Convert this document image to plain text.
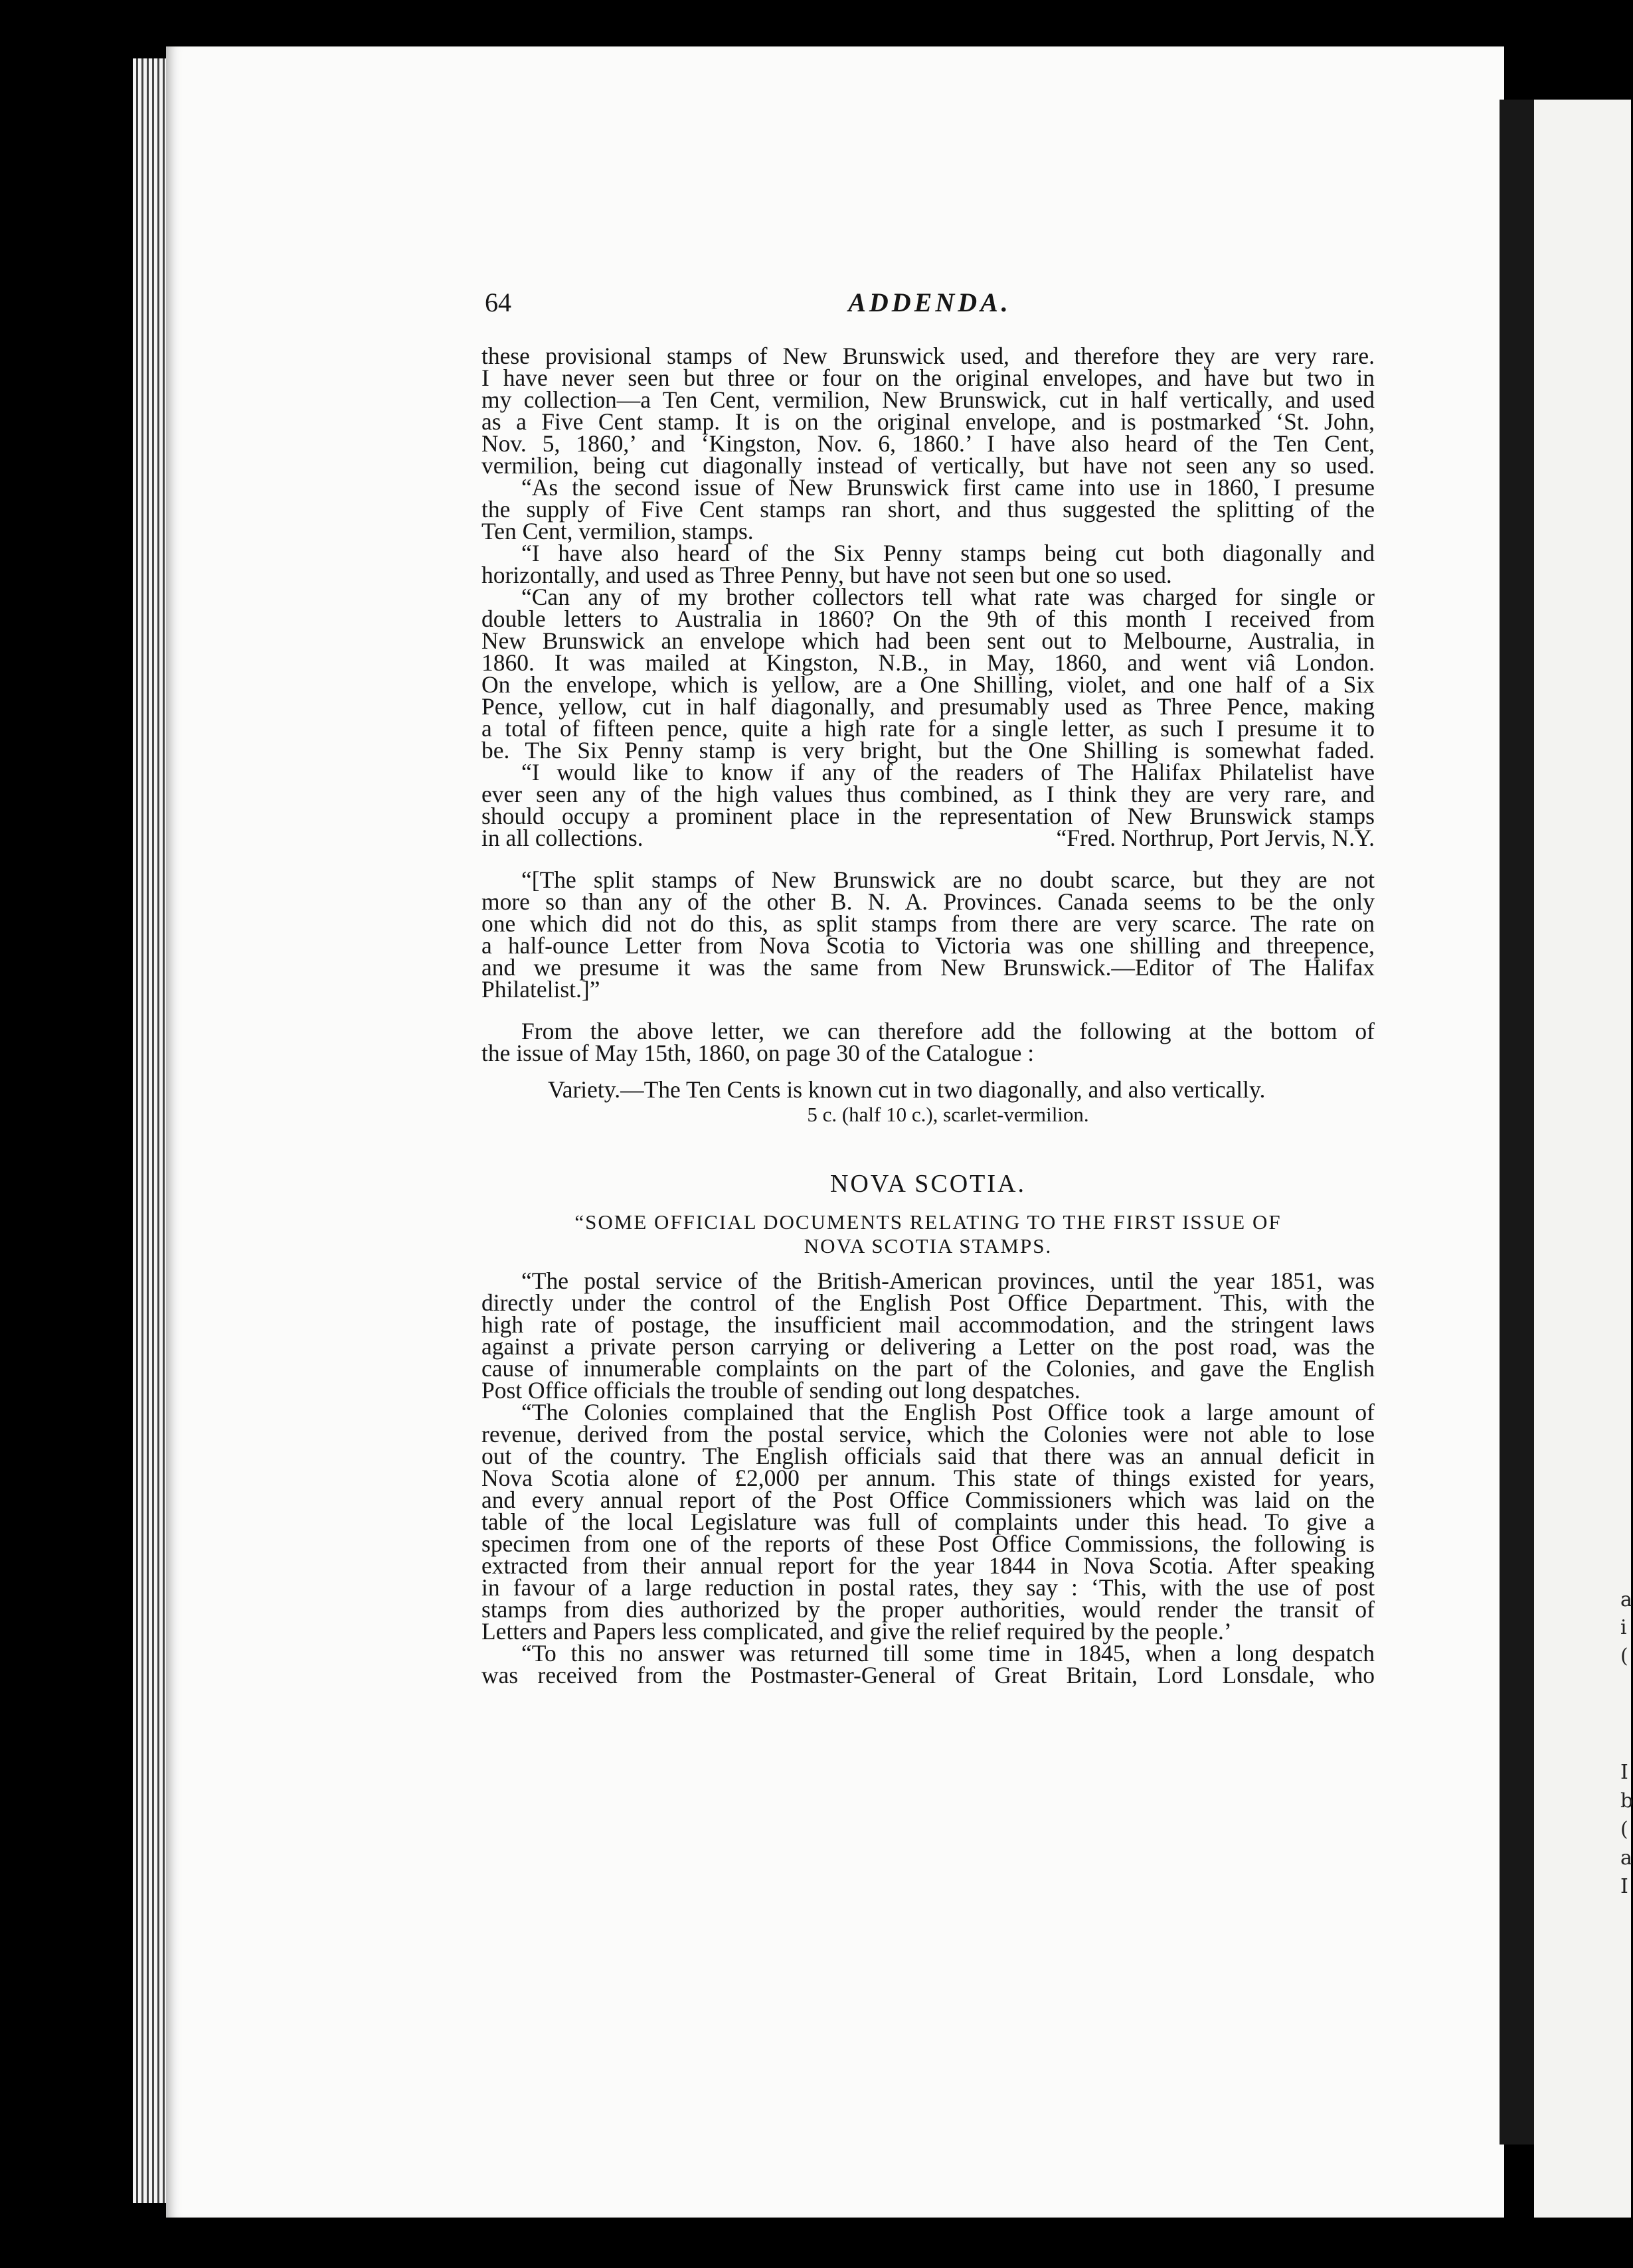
a
i
(
I
b
(
a
I
64	ADDENDA.
these provisional stamps of New Brunswick used, and therefore they are very rare.
I have never seen but three or four on the original envelopes, and have but two in
my collection—a Ten Cent, vermilion, New Brunswick, cut in half vertically, and used
as a Five Cent stamp. It is on the original envelope, and is postmarked ‘St. John,
Nov. 5, 1860,’ and ‘Kingston, Nov. 6, 1860.’ I have also heard of the Ten Cent,
vermilion, being cut diagonally instead of vertically, but have not seen any so used.
“As the second issue of New Brunswick first came into use in 1860, I presume
the supply of Five Cent stamps ran short, and thus suggested the splitting of the
Ten Cent, vermilion, stamps.
“I have also heard of the Six Penny stamps being cut both diagonally and
horizontally, and used as Three Penny, but have not seen but one so used.
“Can any of my brother collectors tell what rate was charged for single or
double letters to Australia in 1860? On the 9th of this month I received from
New Brunswick an envelope which had been sent out to Melbourne, Australia, in
1860. It was mailed at Kingston, N.B., in May, 1860, and went viâ London.
On the envelope, which is yellow, are a One Shilling, violet, and one half of a Six
Pence, yellow, cut in half diagonally, and presumably used as Three Pence, making
a total of fifteen pence, quite a high rate for a single letter, as such I presume it to
be. The Six Penny stamp is very bright, but the One Shilling is somewhat faded.
“I would like to know if any of the readers of The Halifax Philatelist have
ever seen any of the high values thus combined, as I think they are very rare, and
should occupy a prominent place in the representation of New Brunswick stamps
in all collections.	“Fred. Northrup, Port Jervis, N.Y.
“[The split stamps of New Brunswick are no doubt scarce, but they are not
more so than any of the other B. N. A. Provinces. Canada seems to be the only
one which did not do this, as split stamps from there are very scarce. The rate on
a half-ounce Letter from Nova Scotia to Victoria was one shilling and threepence,
and we presume it was the same from New Brunswick.—Editor of The Halifax
Philatelist.]”
From the above letter, we can therefore add the following at the bottom of
the issue of May 15th, 1860, on page 30 of the Catalogue :
Variety.—The Ten Cents is known cut in two diagonally, and also vertically.
5 c. (half 10 c.), scarlet-vermilion.
NOVA SCOTIA.
“SOME OFFICIAL DOCUMENTS RELATING TO THE FIRST ISSUE OF
NOVA SCOTIA STAMPS.
“The postal service of the British-American provinces, until the year 1851, was
directly under the control of the English Post Office Department. This, with the
high rate of postage, the insufficient mail accommodation, and the stringent laws
against a private person carrying or delivering a Letter on the post road, was the
cause of innumerable complaints on the part of the Colonies, and gave the English
Post Office officials the trouble of sending out long despatches.
“The Colonies complained that the English Post Office took a large amount of
revenue, derived from the postal service, which the Colonies were not able to lose
out of the country. The English officials said that there was an annual deficit in
Nova Scotia alone of £2,000 per annum. This state of things existed for years,
and every annual report of the Post Office Commissioners which was laid on the
table of the local Legislature was full of complaints under this head. To give a
specimen from one of the reports of these Post Office Commissions, the following is
extracted from their annual report for the year 1844 in Nova Scotia. After speaking
in favour of a large reduction in postal rates, they say : ‘This, with the use of post
stamps from dies authorized by the proper authorities, would render the transit of
Letters and Papers less complicated, and give the relief required by the people.’
“To this no answer was returned till some time in 1845, when a long despatch
was received from the Postmaster-General of Great Britain, Lord Lonsdale, who
